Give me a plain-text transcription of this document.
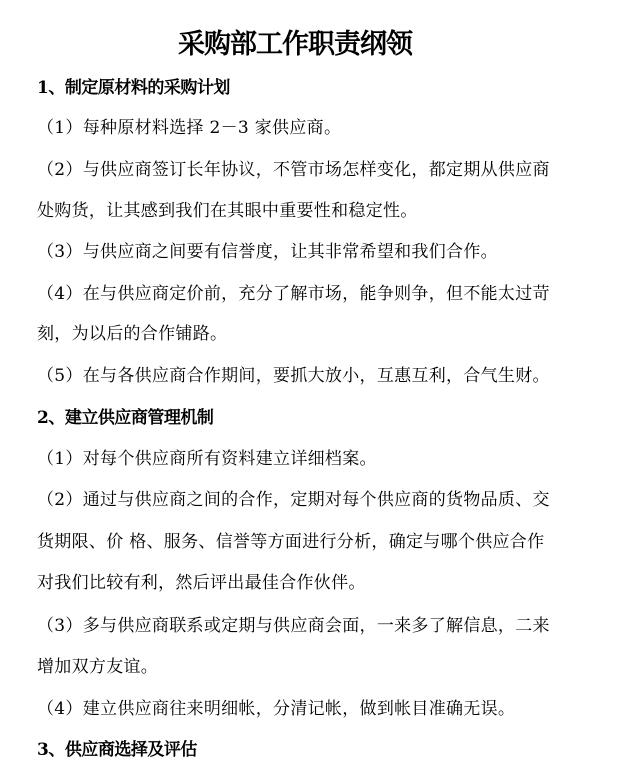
采购部工作职责纲领
1、制定原材料的采购计划
（1）每种原材料选择 2－3 家供应商。
（2）与供应商签订长年协议，不管市场怎样变化，都定期从供应商
处购货，让其感到我们在其眼中重要性和稳定性。
（3）与供应商之间要有信誉度，让其非常希望和我们合作。
（4）在与供应商定价前，充分了解市场，能争则争，但不能太过苛
刻，为以后的合作铺路。
（5）在与各供应商合作期间，要抓大放小，互惠互利，合气生财。
2、建立供应商管理机制
（1）对每个供应商所有资料建立详细档案。
（2）通过与供应商之间的合作，定期对每个供应商的货物品质、交
货期限、价 格、服务、信誉等方面进行分析，确定与哪个供应合作
对我们比较有利，然后评出最佳合作伙伴。
（3）多与供应商联系或定期与供应商会面，一来多了解信息，二来
增加双方友谊。
（4）建立供应商往来明细帐，分清记帐，做到帐目准确无误。
3、供应商选择及评估
